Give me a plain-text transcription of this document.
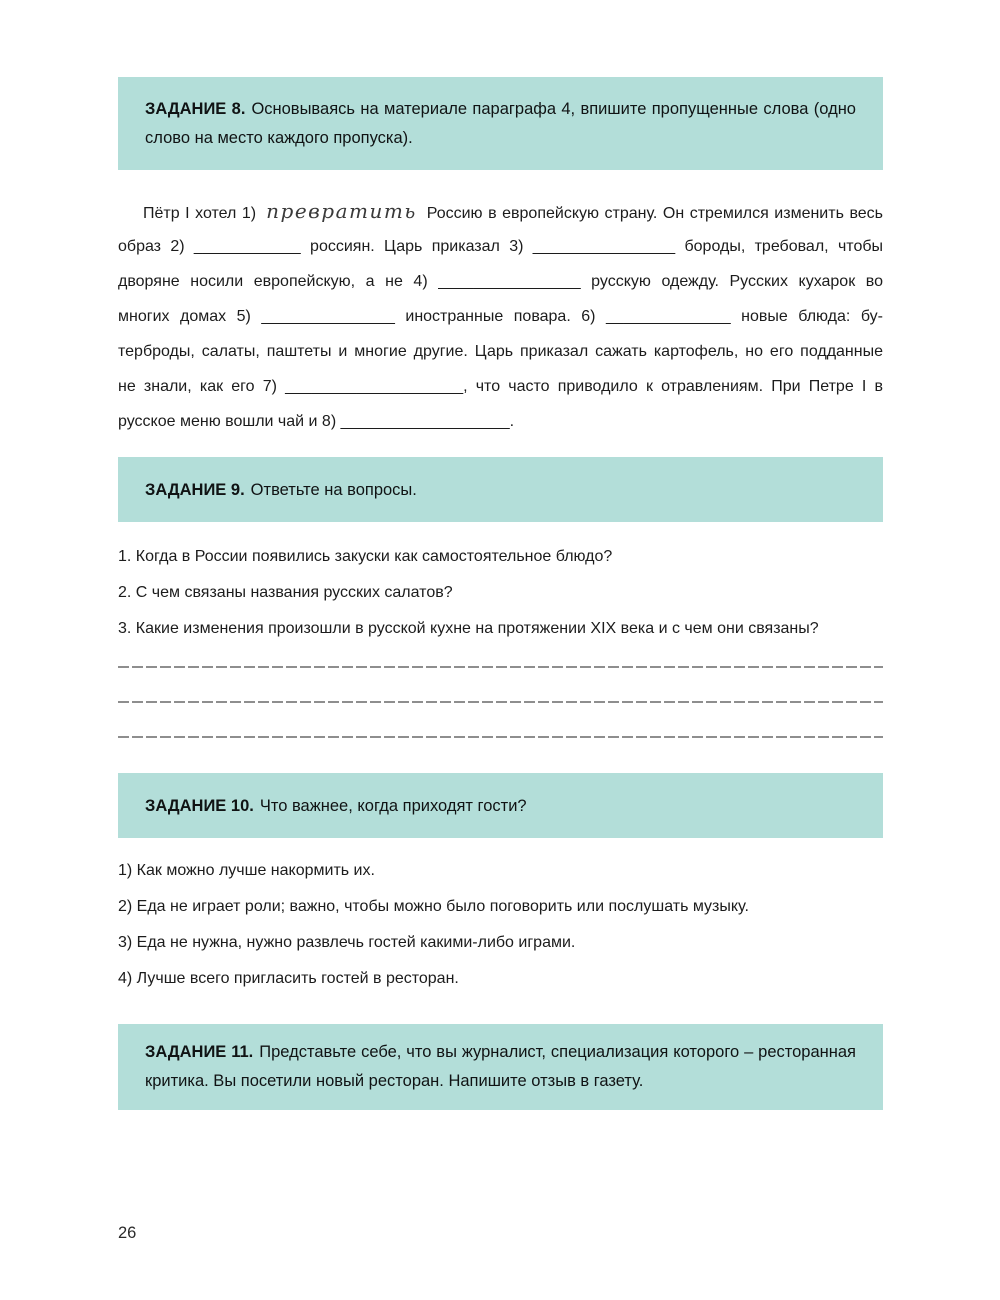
ЗАДАНИЕ 8. Основываясь на материале параграфа 4, впишите пропущенные слова (одно слово на место каждого пропуска).
Пётр I хотел 1) превратить Россию в европейскую страну. Он стремился изменить весь
образ 2) ____________ россиян. Царь приказал 3) ________________ бороды, требовал, чтобы
дворяне носили европейскую, а не 4) ________________ русскую одежду. Русских кухарок во
многих домах 5) _______________ иностранные повара. 6) ______________ новые блюда: бу-
терброды, салаты, паштеты и многие другие. Царь приказал сажать картофель, но его подданные
не знали, как его 7) ____________________, что часто приводило к отравлениям. При Петре I в
русское меню вошли чай и 8) ___________________.
ЗАДАНИЕ 9. Ответьте на вопросы.
1. Когда в России появились закуски как самостоятельное блюдо?
2. С чем связаны названия русских салатов?
3. Какие изменения произошли в русской кухне на протяжении XIX века и с чем они связаны?
ЗАДАНИЕ 10. Что важнее, когда приходят гости?
1) Как можно лучше накормить их.
2) Еда не играет роли; важно, чтобы можно было поговорить или послушать музыку.
3) Еда не нужна, нужно развлечь гостей какими-либо играми.
4) Лучше всего пригласить гостей в ресторан.
ЗАДАНИЕ 11. Представьте себе, что вы журналист, специализация которого – ресторанная критика. Вы посетили новый ресторан. Напишите отзыв в газету.
26
